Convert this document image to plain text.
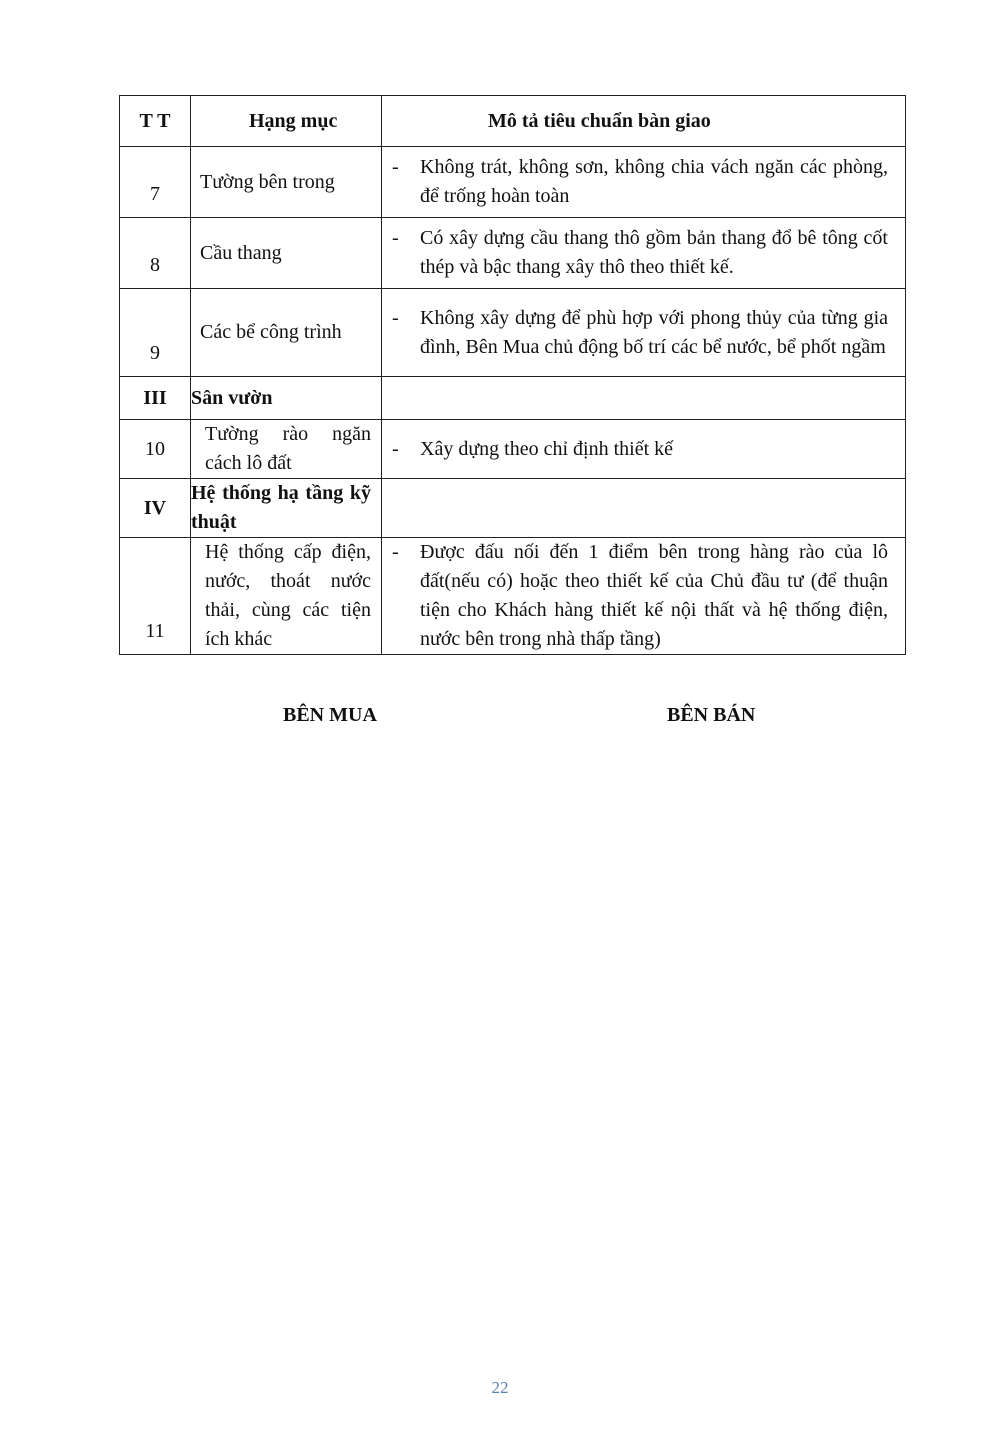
T T	Hạng mục	Mô tả tiêu chuẩn bàn giao
7	Tường bên trong	- Không trát, không sơn, không chia vách ngăn các phòng, để trống hoàn toàn

8	Cầu thang	- Có xây dựng cầu thang thô gồm bản thang đổ bê tông cốt thép và bậc thang xây thô theo thiết kế.

9	Các bể công trình	- Không xây dựng để phù hợp với phong thủy của từng gia đình, Bên Mua chủ động bố trí các bể nước, bể phốt ngầm

III	Sân vườn	
10	Tường rào ngăn cách lô đất	- Xây dựng theo chỉ định thiết kế

IV	Hệ thống hạ tầng kỹ thuật	
11	Hệ thống cấp điện, nước, thoát nước thải, cùng các tiện ích khác	- Được đấu nối đến 1 điểm bên trong hàng rào của lô đất(nếu có) hoặc theo thiết kế của Chủ đầu tư (để thuận tiện cho Khách hàng thiết kế nội thất và hệ thống điện, nước bên trong nhà thấp tầng)
BÊN MUA	BÊN BÁN
22
